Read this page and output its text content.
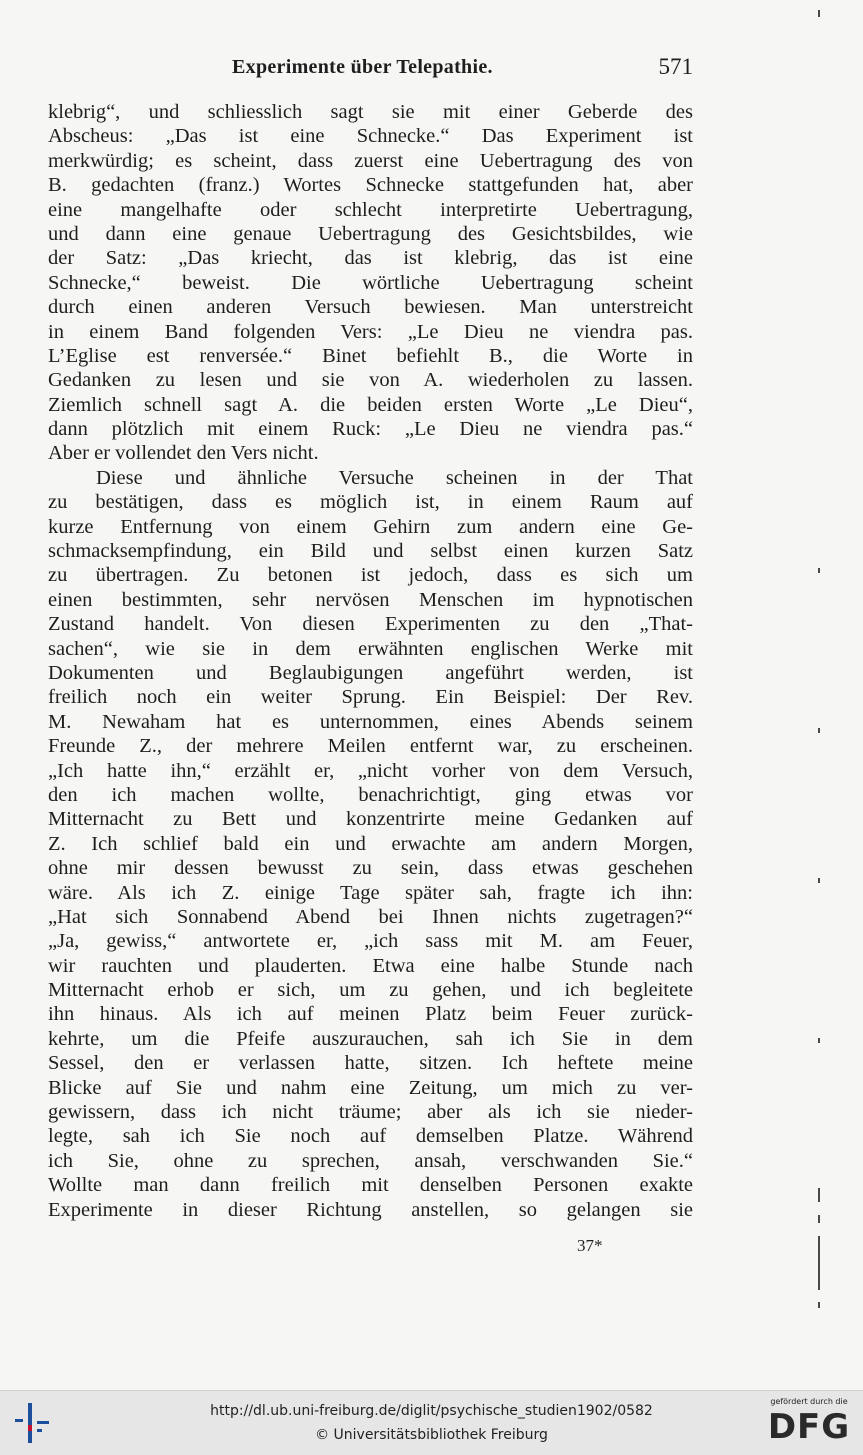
Experimente über Telepathie.	571
klebrig“, und schliesslich sagt sie mit einer Geberde des
Abscheus: „Das ist eine Schnecke.“ Das Experiment ist
merkwürdig; es scheint, dass zuerst eine Uebertragung des von
B. gedachten (franz.) Wortes Schnecke stattgefunden hat, aber
eine mangelhafte oder schlecht interpretirte Uebertragung,
und dann eine genaue Uebertragung des Gesichtsbildes, wie
der Satz: „Das kriecht, das ist klebrig, das ist eine
Schnecke,“ beweist. Die wörtliche Uebertragung scheint
durch einen anderen Versuch bewiesen. Man unterstreicht
in einem Band folgenden Vers: „Le Dieu ne viendra pas.
L’Eglise est renversée.“ Binet befiehlt B., die Worte in
Gedanken zu lesen und sie von A. wiederholen zu lassen.
Ziemlich schnell sagt A. die beiden ersten Worte „Le Dieu“,
dann plötzlich mit einem Ruck: „Le Dieu ne viendra pas.“
Aber er vollendet den Vers nicht.
Diese und ähnliche Versuche scheinen in der That
zu bestätigen, dass es möglich ist, in einem Raum auf
kurze Entfernung von einem Gehirn zum andern eine Ge-
schmacksempfindung, ein Bild und selbst einen kurzen Satz
zu übertragen. Zu betonen ist jedoch, dass es sich um
einen bestimmten, sehr nervösen Menschen im hypnotischen
Zustand handelt. Von diesen Experimenten zu den „That-
sachen“, wie sie in dem erwähnten englischen Werke mit
Dokumenten und Beglaubigungen angeführt werden, ist
freilich noch ein weiter Sprung. Ein Beispiel: Der Rev.
M. Newaham hat es unternommen, eines Abends seinem
Freunde Z., der mehrere Meilen entfernt war, zu erscheinen.
„Ich hatte ihn,“ erzählt er, „nicht vorher von dem Versuch,
den ich machen wollte, benachrichtigt, ging etwas vor
Mitternacht zu Bett und konzentrirte meine Gedanken auf
Z. Ich schlief bald ein und erwachte am andern Morgen,
ohne mir dessen bewusst zu sein, dass etwas geschehen
wäre. Als ich Z. einige Tage später sah, fragte ich ihn:
„Hat sich Sonnabend Abend bei Ihnen nichts zugetragen?“
„Ja, gewiss,“ antwortete er, „ich sass mit M. am Feuer,
wir rauchten und plauderten. Etwa eine halbe Stunde nach
Mitternacht erhob er sich, um zu gehen, und ich begleitete
ihn hinaus. Als ich auf meinen Platz beim Feuer zurück-
kehrte, um die Pfeife auszurauchen, sah ich Sie in dem
Sessel, den er verlassen hatte, sitzen. Ich heftete meine
Blicke auf Sie und nahm eine Zeitung, um mich zu ver-
gewissern, dass ich nicht träume; aber als ich sie nieder-
legte, sah ich Sie noch auf demselben Platze. Während
ich Sie, ohne zu sprechen, ansah, verschwanden Sie.“
Wollte man dann freilich mit denselben Personen exakte
Experimente in dieser Richtung anstellen, so gelangen sie
37*
http://dl.ub.uni-freiburg.de/diglit/psychische_studien1902/0582
© Universitätsbibliothek Freiburg
gefördert durch die
DFG
